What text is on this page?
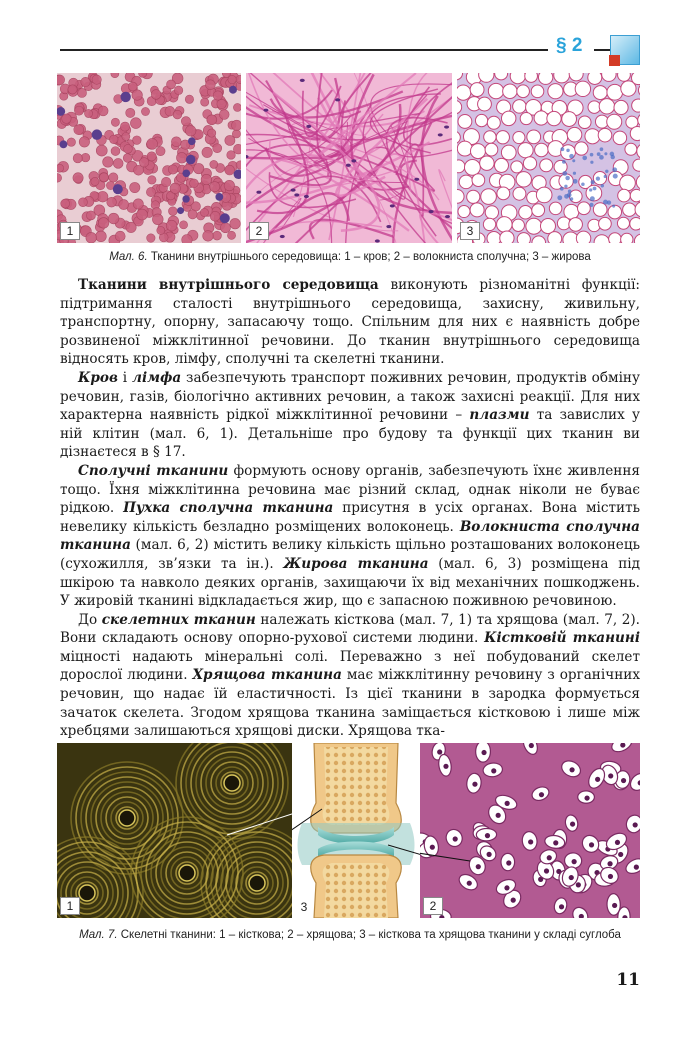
§ 2
1	2	3
Мал. 6. Тканини внутрішнього середовища: 1 – кров; 2 – волокниста сполучна; 3 – жирова

Тканини внутрішнього середовища виконують різноманітні функції: підтримання сталості внутрішнього середовища, захисну, живильну, транспортну, опорну, запасаючу тощо. Спільним для них є наявність добре розвиненої міжклітинної речовини. До тканин внутрішнього середовища відносять кров, лімфу, сполучні та скелетні тканини.

Кров і лімфа забезпечують транспорт поживних речовин, продуктів обміну речовин, газів, біологічно активних речовин, а також захисні реакції. Для них характерна наявність рідкої міжклітинної речовини – плазми та завислих у ній клітин (мал. 6, 1). Детальніше про будову та функції цих тканин ви дізнаєтеся в § 17.

Сполучні тканини формують основу органів, забезпечують їхнє живлення тощо. Їхня міжклітинна речовина має різний склад, однак ніколи не буває рідкою. Пухка сполучна тканина присутня в усіх органах. Вона містить невелику кількість безладно розміщених волоконець. Волокниста сполучна тканина (мал. 6, 2) містить велику кількість щільно розташованих волоконець (сухожилля, зв’язки та ін.). Жирова тканина (мал. 6, 3) розміщена під шкірою та навколо деяких органів, захищаючи їх від механічних пошкоджень. У жировій тканині відкладається жир, що є запасною поживною речовиною.

До скелетних тканин належать кісткова (мал. 7, 1) та хрящова (мал. 7, 2). Вони складають основу опорно-рухової системи людини. Кістковій тканині міцності надають мінеральні солі. Переважно з неї побудований скелет дорослої людини. Хрящова тканина має міжклітинну речовину з органічних речовин, що надає їй еластичності. Із цієї тканини в зародка формується зачаток скелета. Згодом хрящова тканина заміщається кістковою і лише між хребцями залишаються хрящові диски. Хрящова тка-

1	3	2
Мал. 7. Скелетні тканини: 1 – кісткова; 2 – хрящова; 3 – кісткова та хрящова тканини у складі суглоба
11
